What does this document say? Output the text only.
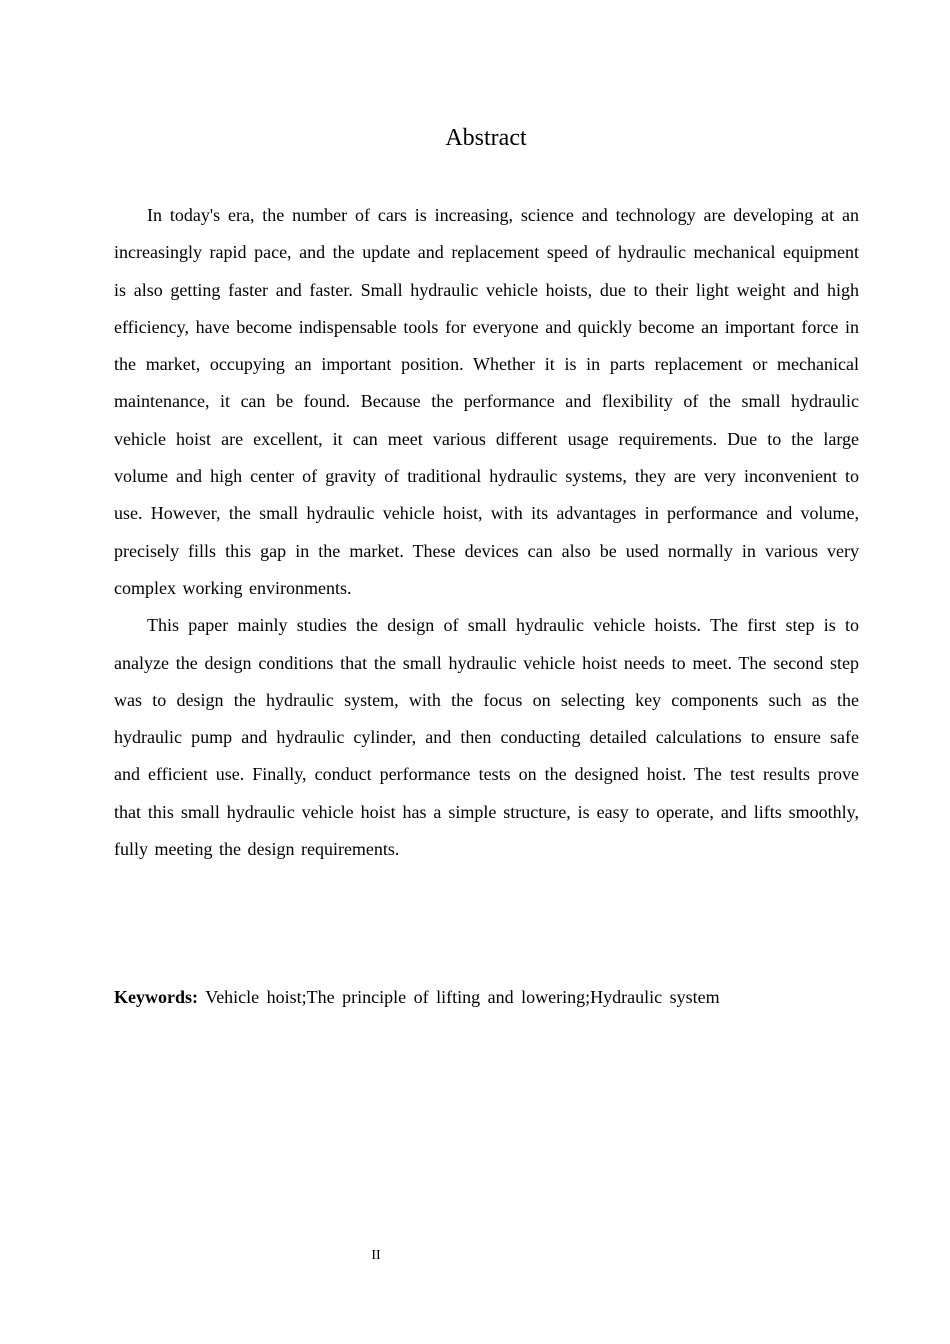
Abstract

In today's era, the number of cars is increasing, science and technology are developing at an increasingly rapid pace, and the update and replacement speed of hydraulic mechanical equipment is also getting faster and faster. Small hydraulic vehicle hoists, due to their light weight and high efficiency, have become indispensable tools for everyone and quickly become an important force in the market, occupying an important position. Whether it is in parts replacement or mechanical maintenance, it can be found. Because the performance and flexibility of the small hydraulic vehicle hoist are excellent, it can meet various different usage requirements. Due to the large volume and high center of gravity of traditional hydraulic systems, they are very inconvenient to use. However, the small hydraulic vehicle hoist, with its advantages in performance and volume, precisely fills this gap in the market. These devices can also be used normally in various very complex working environments.

This paper mainly studies the design of small hydraulic vehicle hoists. The first step is to analyze the design conditions that the small hydraulic vehicle hoist needs to meet. The second step was to design the hydraulic system, with the focus on selecting key components such as the hydraulic pump and hydraulic cylinder, and then conducting detailed calculations to ensure safe and efficient use. Finally, conduct performance tests on the designed hoist. The test results prove that this small hydraulic vehicle hoist has a simple structure, is easy to operate, and lifts smoothly, fully meeting the design requirements.

Keywords: Vehicle hoist;The principle of lifting and lowering;Hydraulic system

II
